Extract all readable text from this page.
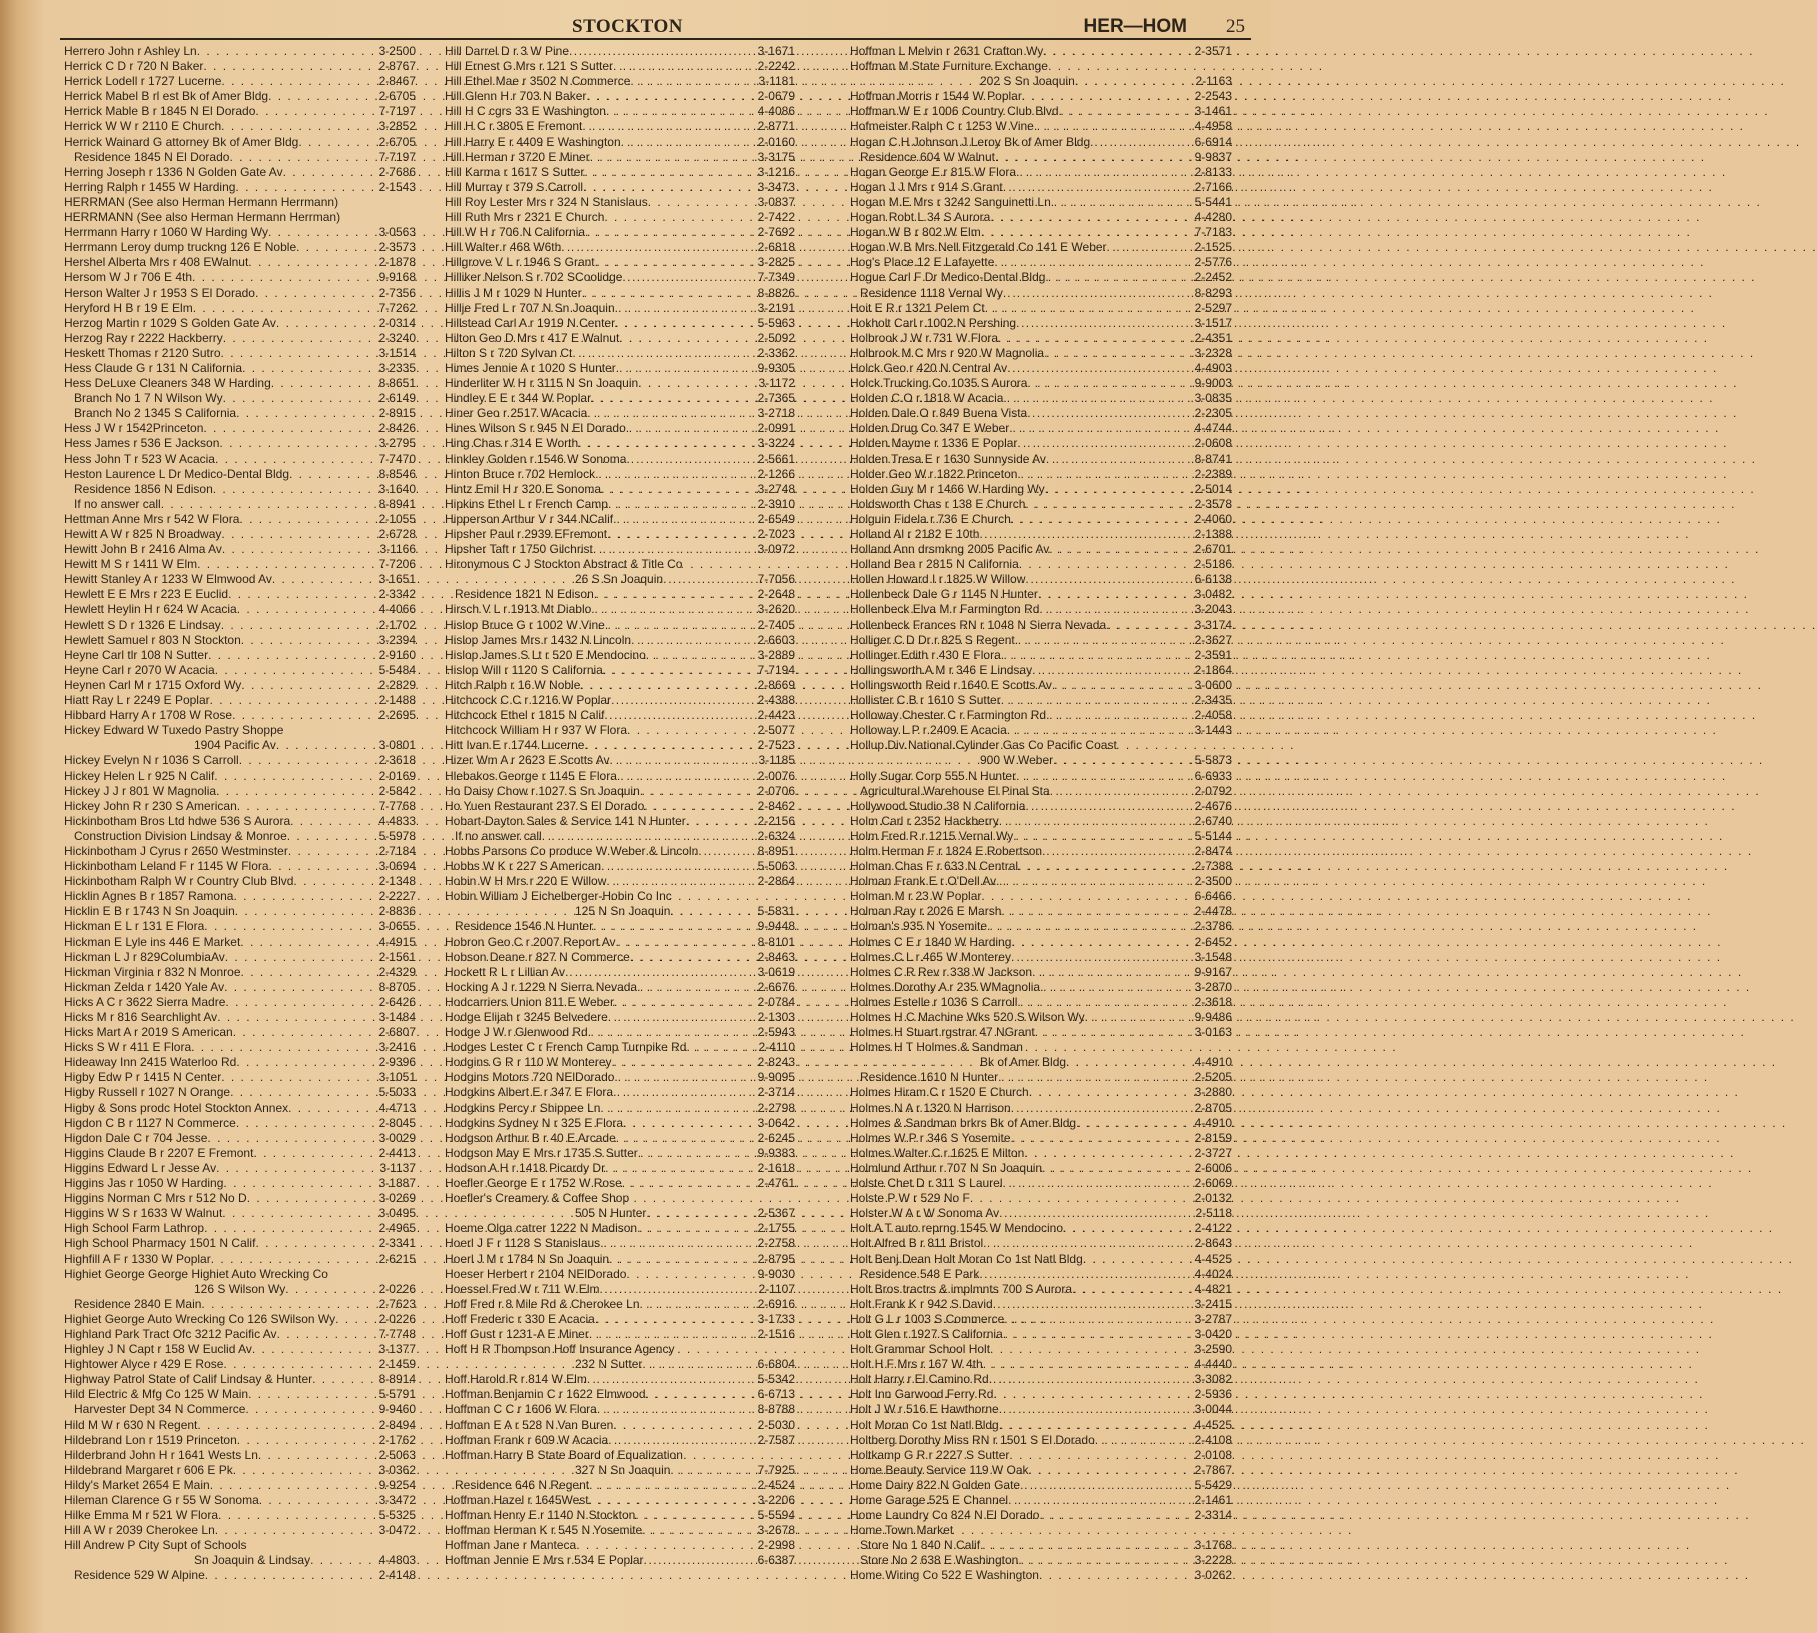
STOCKTON	HER—HOM 25
Herrero John r Ashley Ln . . .	3-2500
Herrick C D r 720 N Baker . . .	2-8767
Herrick Lodell r 1727 Lucerne . . .	2-8467
Herrick Mabel B rl est Bk of Amer Bldg . . .	2-6705
Herrick Mable B r 1845 N El Dorado . . .	7-7197
Herrick W W r 2110 E Church . . .	3-2852
Herrick Wainard G attorney Bk of Amer Bldg . . .	2-6705
Residence 1845 N El Dorado . . .	7-7197
Herring Joseph r 1336 N Golden Gate Av . . .	2-7686
Herring Ralph r 1455 W Harding . . .	2-1543
HERRMAN (See also Herman Hermann Herrmann)
HERRMANN (See also Herman Hermann Herrman)
Herrmann Harry r 1060 W Harding Wy . . .	3-0563
Herrmann Leroy dump truckng 126 E Noble . . .	2-3573
Hershel Alberta Mrs r 408 EWalnut . . .	2-1878
Hersom W J r 706 E 4th . . .	9-9168
Herson Walter J r 1953 S El Dorado . . .	2-7356
Heryford H B r 19 E Elm . . .	7-7262
Herzog Martin r 1029 S Golden Gate Av . . .	2-0314
Herzog Ray r 2222 Hackberry . . .	2-3240
Heskett Thomas r 2120 Sutro . . .	3-1514
Hess Claude G r 131 N California . . .	3-2335
Hess DeLuxe Cleaners 348 W Harding . . .	8-8651
Branch No 1 7 N Wilson Wy . . .	2-6149
Branch No 2 1345 S California . . .	2-8915
Hess J W r 1542Princeton . . .	2-8426
Hess James r 536 E Jackson . . .	3-2795
Hess John T r 523 W Acacia . . .	7-7470
Heston Laurence L Dr Medico-Dental Bldg . . .	8-8546
Residence 1856 N Edison . . .	3-1640
If no answer call . . .	8-8941
Hettman Anne Mrs r 542 W Flora . . .	2-1055
Hewitt A W r 825 N Broadway . . .	2-6728
Hewitt John B r 2416 Alma Av . . .	3-1166
Hewitt M S r 1411 W Elm . . .	7-7206
Hewitt Stanley A r 1233 W Elmwood Av . . .	3-1651
Hewlett E E Mrs r 223 E Euclid . . .	2-3342
Hewlett Heylin H r 624 W Acacia . . .	4-4066
Hewlett S D r 1326 E Lindsay . . .	2-1702
Hewlett Samuel r 803 N Stockton . . .	3-2394
Heyne Carl tlr 108 N Sutter . . .	2-9160
Heyne Carl r 2070 W Acacia . . .	5-5484
Heynen Carl M r 1715 Oxford Wy . . .	2-2829
Hiatt Ray L r 2249 E Poplar . . .	2-1488
Hibbard Harry A r 1708 W Rose . . .	2-2695
Hickey Edward W Tuxedo Pastry Shoppe
1904 Pacific Av . . .	3-0801
Hickey Evelyn N r 1036 S Carroll . . .	2-3618
Hickey Helen L r 925 N Calif . . .	2-0169
Hickey J J r 801 W Magnolia . . .	2-5842
Hickey John R r 230 S American . . .	7-7768
Hickinbotham Bros Ltd hdwe 536 S Aurora . . .	4-4833
Construction Division Lindsay & Monroe . . .	5-5978
Hickinbotham J Cyrus r 2650 Westminster . . .	2-7184
Hickinbotham Leland F r 1145 W Flora . . .	3-0694
Hickinbotham Ralph W r Country Club Blvd . . .	2-1348
Hicklin Agnes B r 1857 Ramona . . .	2-2227
Hicklin E B r 1743 N Sn Joaquin . . .	2-8836
Hickman E L r 131 E Flora . . .	3-0655
Hickman E Lyle ins 446 E Market . . .	4-4915
Hickman L J r 829ColumbiaAv . . .	2-1561
Hickman Virginia r 832 N Monroe . . .	2-4329
Hickman Zelda r 1420 Yale Av . . .	8-8705
Hicks A C r 3622 Sierra Madre . . .	2-6426
Hicks M r 816 Searchlight Av . . .	3-1484
Hicks Mart A r 2019 S American . . .	2-6807
Hicks S W r 411 E Flora . . .	3-2416
Hideaway Inn 2415 Waterloo Rd . . .	2-9396
Higby Edw P r 1415 N Center . . .	3-1051
Higby Russell r 1027 N Orange . . .	5-5033
Higby & Sons prodc Hotel Stockton Annex . . .	4-4713
Higdon C B r 1127 N Commerce . . .	2-8045
Higdon Dale C r 704 Jesse . . .	3-0029
Higgins Claude B r 2207 E Fremont . . .	2-4413
Higgins Edward L r Jesse Av . . .	3-1137
Higgins Jas r 1050 W Harding . . .	3-1887
Higgins Norman C Mrs r 512 No D . . .	3-0269
Higgins W S r 1633 W Walnut . . .	3-0495
High School Farm Lathrop . . .	2-4965
High School Pharmacy 1501 N Calif . . .	2-3341
Highfill A F r 1330 W Poplar . . .	2-6215
Highiet George George Highiet Auto Wrecking Co
126 S Wilson Wy . . .	2-0226
Residence 2840 E Main . . .	2-7623
Highiet George Auto Wrecking Co 126 SWilson Wy . . .	2-0226
Highland Park Tract Ofc 3212 Pacific Av . . .	7-7748
Highley J N Capt r 158 W Euclid Av . . .	3-1377
Hightower Alyce r 429 E Rose . . .	2-1459
Highway Patrol State of Calif Lindsay & Hunter . . .	8-8914
Hild Electric & Mfg Co 125 W Main . . .	5-5791
Harvester Dept 34 N Commerce . . .	9-9460
Hild M W r 630 N Regent . . .	2-8494
Hildebrand Lon r 1519 Princeton . . .	2-1762
Hilderbrand John H r 1641 Wests Ln . . .	2-5063
Hildebrand Margaret r 606 E Pk . . .	3-0362
Hildy's Market 2654 E Main . . .	9-9254
Hileman Clarence G r 55 W Sonoma . . .	3-3472
Hilke Emma M r 521 W Flora . . .	5-5325
Hill A W r 2039 Cherokee Ln . . .	3-0472
Hill Andrew P City Supt of Schools
Sn Joaquin & Lindsay . . .	4-4803
Residence 529 W Alpine . . .	2-4148
Hill Darrel D r 3 W Pine . . .	3-1671
Hill Ernest G Mrs r 121 S Sutter . . .	2-2242
Hill Ethel Mae r 3502 N Commerce . . .	3-1181
Hill Glenn H r 703 N Baker . . .	2-0679
Hill H C cgrs 33 E Washington . . .	4-4086
Hill H C r 3805 E Fremont . . .	2-8771
Hill Harry E r 4409 E Washington . . .	2-0160
Hill Herman r 3720 E Miner . . .	3-3175
Hill Karma r 1617 S Sutter . . .	3-1216
Hill Murray r 379 S Carroll . . .	3-3473
Hill Roy Lester Mrs r 324 N Stanislaus . . .	3-0837
Hill Ruth Mrs r 2321 E Church . . .	2-7422
Hill W H r 706 N California . . .	2-7692
Hill Walter r 468 W6th . . .	2-6818
Hillgrove V L r 1946 S Grant . . .	3-2825
Hilliker Nelson S r 702 SCoolidge . . .	7-7349
Hillis J M r 1029 N Hunter . . .	8-8826
Hillje Fred L r 707 N Sn Joaquin . . .	3-2191
Hillstead Carl A r 1919 N Center . . .	5-5963
Hilton Geo D Mrs r 417 E Walnut . . .	2-5092
Hilton S r 720 Sylvan Ct . . .	2-3362
Himes Jennie A r 1020 S Hunter . . .	9-9305
Hinderliter W H r 3115 N Sn Joaquin . . .	3-1172
Hindley E E r 344 W Poplar . . .	2-7365
Hiner Geo r 2517 WAcacia . . .	3-2718
Hines Wilson S r 945 N El Dorado . . .	2-0991
Hing Chas r 314 E Worth . . .	3-3224
Hinkley Golden r 1546 W Sonoma . . .	2-5661
Hinton Bruce r 702 Hemlock . . .	2-1266
Hintz Emil H r 320 E Sonoma . . .	3-2748
Hipkins Ethel L r French Camp . . .	2-3910
Hipperson Arthur V r 344 NCalif . . .	2-6549
Hipsher Paul r 2939 EFremont . . .	2-7023
Hipsher Taft r 1750 Gilchrist . . .	3-0972
Hironymous C J Stockton Abstract & Title Co
26 S Sn Joaquin . . .	7-7056
Residence 1821 N Edison . . .	2-2648
Hirsch V L r 1913 Mt Diablo . . .	3-2620
Hislop Bruce G r 1002 W Vine . . .	2-7405
Hislop James Mrs r 1432 N Lincoln . . .	2-6603
Hislop James S Lt r 520 E Mendocino . . .	3-2889
Hislop Will r 1120 S California . . .	7-7194
Hitch Ralph r 16 W Noble . . .	2-8669
Hitchcock C C r 1216 W Poplar . . .	2-4388
Hitchcock Ethel r 1815 N Calif . . .	2-4423
Hitchcock William H r 937 W Flora . . .	2-5077
Hitt Ivan E r 1744 Lucerne . . .	2-7523
Hizer Wm A r 2623 E Scotts Av . . .	3-1185
Hlebakos George r 1145 E Flora . . .	2-0076
Ho Daisy Chow r 1027 S Sn Joaquin . . .	2-0706
Ho Yuen Restaurant 237 S El Dorado . . .	2-8462
Hobart-Dayton Sales & Service 141 N Hunter . . .	2-2156
If no answer call . . .	2-6324
Hobbs Parsons Co produce W Weber & Lincoln . . .	8-8951
Hobbs W K r 227 S American . . .	5-5063
Hobin W H Mrs r 220 E Willow . . .	2-2864
Hobin William J Eichelberger-Hobin Co Inc
125 N Sn Joaquin . . .	5-5831
Residence 1546 N Hunter . . .	9-9448
Hobron Geo C r 2007 Report Av . . .	8-8101
Hobson Deane r 827 N Commerce . . .	2-8463
Hockett R L r Lillian Av . . .	3-0619
Hocking A J r 1229 N Sierra Nevada . . .	2-6676
Hodcarriers Union 811 E Weber . . .	2-0784
Hodge Elijah r 3245 Belvedere . . .	2-1303
Hodge J W r Glenwood Rd . . .	2-5943
Hodges Lester C r French Camp Turnpike Rd . . .	2-4110
Hodgins G R r 110 W Monterey . . .	2-8243
Hodgins Motors 720 NElDorado . . .	9-9095
Hodgkins Albert E r 347 E Flora . . .	2-3714
Hodgkins Percy r Shippee Ln . . .	2-2798
Hodgkins Sydney N r 325 E Flora . . .	3-0642
Hodgson Arthur B r 40 E Arcade . . .	2-6245
Hodgson May E Mrs r 1735 S Sutter . . .	9-9383
Hodson A H r 1418 Picardy Dr . . .	2-1618
Hoefler George E r 1752 W Rose . . .	2-4761
Hoefler's Creamery & Coffee Shop
505 N Hunter . . .	2-5367
Hoeme Olga catrer 1222 N Madison . . .	2-1755
Hoerl J F r 1128 S Stanislaus . . .	2-2758
Hoerl J M r 1784 N Sn Joaquin . . .	2-8795
Hoeser Herbert r 2104 NElDorado . . .	9-9030
Hoessel Fred W r 711 W Elm . . .	2-1107
Hoff Fred r 8 Mile Rd & Cherokee Ln . . .	2-6916
Hoff Frederic r 330 E Acacia . . .	3-1733
Hoff Gust r 1231-A E Miner . . .	2-1516
Hoff H R Thompson Hoff Insurance Agency
232 N Sutter . . .	6-6804
Hoff Harold R r 814 W Elm . . .	5-5342
Hoffman Benjamin C r 1622 Elmwood . . .	6-6713
Hoffman C C r 1606 W Flora . . .	8-8788
Hoffman E A r 528 N Van Buren . . .	2-5030
Hoffman Frank r 609 W Acacia . . .	2-7587
Hoffman Harry B State Board of Equalization
327 N Sn Joaquin . . .	7-7925
Residence 646 N Regent . . .	2-4524
Hoffman Hazel r 1645West . . .	3-2206
Hoffman Henry E r 1140 N Stockton . . .	5-5594
Hoffman Herman K r 545 N Yosemite . . .	3-2678
Hoffman Jane r Manteca . . .	2-2998
Hoffman Jennie E Mrs r 534 E Poplar . . .	6-6387
Hoffman L Melvin r 2631 Crafton Wy . . .	2-3571
Hoffman M State Furniture Exchange
202 S Sn Joaquin . . .	2-1163
Hoffman Morris r 1544 W Poplar . . .	2-2543
Hoffman W E r 1006 Country Club Blvd . . .	3-1461
Hofmeister Ralph C r 1253 W Vine . . .	4-4958
Hogan C H Johnson J Leroy Bk of Amer Bldg . . .	6-6914
Residence 604 W Walnut . . .	9-9837
Hogan George E r 815 W Flora . . .	2-8133
Hogan J J Mrs r 914 S Grant . . .	2-7166
Hogan M.E Mrs r 3242 Sanguinetti Ln . . .	5-5441
Hogan Robt L 34 S Aurora . . .	4-4280
Hogan W B r 802 W Elm . . .	7-7183
Hogan W B Mrs Nell Fitzgerald Co 141 E Weber . . .	2-1525
Hog's Place 12 E Lafayette . . .	2-5776
Hogue Carl F Dr Medico-Dental Bldg . . .	2-2452
Residence 1118 Vernal Wy . . .	8-8293
Hoit E R r 1321 Pelem Ct . . .	2-5297
Hokholt Carl r 1002 N Pershing . . .	3-1517
Holbrook J W r 731 W Flora . . .	2-4351
Holbrook M C Mrs r 920 W Magnolia . . .	3-2328
Holck Geo r 420 N Central Av . . .	4-4903
Holck Trucking Co 1035 S Aurora . . .	9-9003
Holden C O r 1818 W Acacia . . .	3-0835
Holden Dale O r 849 Buena Vista . . .	2-2305
Holden Drug Co 347 E Weber . . .	4-4744
Holden Mayme r 1336 E Poplar . . .	2-0608
Holden Tresa E r 1630 Sunnyside Av . . .	8-8741
Holder Geo W r 1822 Princeton . . .	2-2389
Holden Guy M r 1466 W Harding Wy . . .	2-5014
Holdsworth Chas r 138 E Church . . .	2-3578
Holguin Fidela r 736 E Church . . .	2-4060
Holland Al r 2182 E 10th . . .	2-1388
Holland Ann drsmkng 2005 Pacific Av . . .	2-6701
Holland Bea r 2815 N California . . .	2-5186
Hollen Howard I r 1825 W Willow . . .	6-6138
Hollenbeck Dale G r 1145 N Hunter . . .	3-0482
Hollenbeck Elva M r Farmington Rd . . .	3-2043
Hollenbeck Frances RN r 1048 N Sierra Nevada . . .	3-3174
Holliger C D Dr r 825 S Regent . . .	2-3627
Hollinger Edith r 430 E Flora . . .	2-3591
Hollingsworth A M r 346 E Lindsay . . .	2-1864
Hollingsworth Reid r 1640 E Scotts Av . . .	3-0600
Hollister C B r 1610 S Sutter . . .	2-3435
Holloway Chester C r Farmington Rd . . .	2-4058
Holloway L P r 2409 E Acacia . . .	3-1443
Hollup Div National Cylinder Gas Co Pacific Coast
900 W Weber . . .	5-5873
Holly Sugar Corp 555 N Hunter . . .	6-6933
Agricultural Warehouse El Pinal Sta . . .	2-0792
Hollywood Studio 38 N California . . .	2-4676
Holm Carl r 2352 Hackberry . . .	2-6740
Holm Fred R r 1215 Vernal Wy . . .	5-5144
Holm Herman F r 1824 E Robertson . . .	2-8474
Holman Chas F r 633 N Central . . .	2-7388
Holman Frank E r O'Dell Av . . .	2-3500
Holman M r 23 W Poplar . . .	6-6466
Holman Ray r 2026 E Marsh . . .	2-4478
Holman's 935 N Yosemite . . .	2-3786
Holmes C E r 1840 W Harding . . .	2-6452
Holmes C L r 465 W Monterey . . .	3-1548
Holmes C R Rev r 338 W Jackson . . .	9-9167
Holmes Dorothy A r 235 WMagnolia . . .	3-2870
Holmes Estelle r 1036 S Carroll . . .	2-3618
Holmes H C Machine Wks 520 S Wilson Wy . . .	9-9486
Holmes H Stuart rgstrar 47 NGrant . . .	3-0163
Holmes H T Holmes & Sandman
Bk of Amer Bldg . . .	4-4910
Residence 1610 N Hunter . . .	2-5205
Holmes Hiram C r 1520 E Church . . .	3-2880
Holmes N A r 1320 N Harrison . . .	2-8705
Holmes & Sandman brkrs Bk of Amer Bldg . . .	4-4910
Holmes W P r 346 S Yosemite . . .	2-8159
Holmes Walter C r 1625 E Milton . . .	2-3727
Holmlund Arthur r 707 N Sn Joaquin . . .	2-6006
Holste Chet D r 311 S Laurel . . .	2-6069
Holste P W r 529 No F . . .	2-0132
Holster W A r W Sonoma Av . . .	2-5118
Holt A T auto reprng 1545 W Mendocino . . .	2-4122
Holt Alfred B r 811 Bristol . . .	2-8643
Holt Benj Dean Holt Moran Co 1st Natl Bldg . . .	4-4525
Residence 548 E Park . . .	4-4024
Holt Bros tractrs & implmnts 700 S Aurora . . .	4-4821
Holt Frank K r 942 S David . . .	3-2415
Holt G L r 1003 S Commerce . . .	3-2787
Holt Glen r 1927 S California . . .	3-0420
Holt Grammar School Holt . . .	3-2590
Holt H F Mrs r 167 W 4th . . .	4-4440
Holt Harry r El Camino Rd . . .	3-3082
Holt Inn Garwood Ferry Rd . . .	2-5936
Holt J W r 516 E Hawthorne . . .	3-0044
Holt Moran Co 1st Natl Bldg . . .	4-4525
Holtberg Dorothy Miss RN r 1501 S El Dorado . . .	2-4108
Holtkamp G R r 2227 S Sutter . . .	2-0108
Home Beauty Service 119 W Oak . . .	2-7867
Home Dairy 822 N Golden Gate . . .	5-5429
Home Garage 525 E Channel . . .	2-1461
Home Laundry Co 824 N El Dorado . . .	2-3314
Home Town Market
Store No 1 840 N Calif . . .	3-1768
Store No 2 638 E Washington . . .	3-2228
Home Wiring Co 522 E Washington . . .	3-0262
